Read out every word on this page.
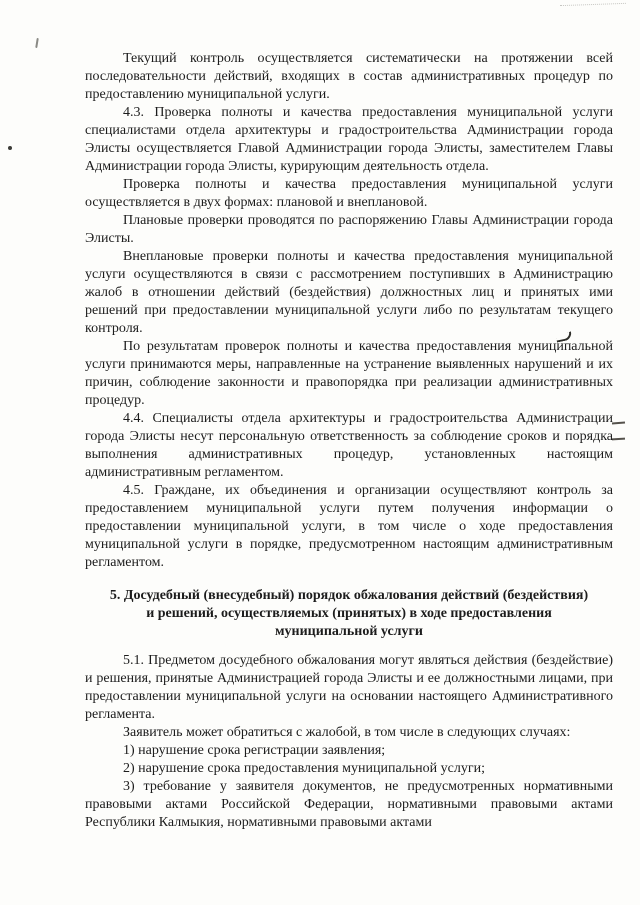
Текущий контроль осуществляется систематически на протяжении всей последовательности действий, входящих в состав административных процедур по предоставлению муниципальной услуги.

4.3. Проверка полноты и качества предоставления муниципальной услуги специалистами отдела архитектуры и градостроительства Администрации города Элисты осуществляется Главой Администрации города Элисты, заместителем Главы Администрации города Элисты, курирующим деятельность отдела.

Проверка полноты и качества предоставления муниципальной услуги осуществляется в двух формах: плановой и внеплановой.

Плановые проверки проводятся по распоряжению Главы Администрации города Элисты.

Внеплановые проверки полноты и качества предоставления муниципальной услуги осуществляются в связи с рассмотрением поступивших в Администрацию жалоб в отношении действий (бездействия) должностных лиц и принятых ими решений при предоставлении муниципальной услуги либо по результатам текущего контроля.

По результатам проверок полноты и качества предоставления муниципальной услуги принимаются меры, направленные на устранение выявленных нарушений и их причин, соблюдение законности и правопорядка при реализации административных процедур.

4.4. Специалисты отдела архитектуры и градостроительства Администрации города Элисты несут персональную ответственность за соблюдение сроков и порядка выполнения административных процедур, установленных настоящим административным регламентом.

4.5. Граждане, их объединения и организации осуществляют контроль за предоставлением муниципальной услуги путем получения информации о предоставлении муниципальной услуги, в том числе о ходе предоставления муниципальной услуги в порядке, предусмотренном настоящим административным регламентом.

5. Досудебный (внесудебный) порядок обжалования действий (бездействия)
и решений, осуществляемых (принятых) в ходе предоставления
муниципальной услуги

5.1. Предметом досудебного обжалования могут являться действия (бездействие) и решения, принятые Администрацией города Элисты и ее должностными лицами, при предоставлении муниципальной услуги на основании настоящего Административного регламента.

Заявитель может обратиться с жалобой, в том числе в следующих случаях:

1) нарушение срока регистрации заявления;

2) нарушение срока предоставления муниципальной услуги;

3) требование у заявителя документов, не предусмотренных нормативными правовыми актами Российской Федерации, нормативными правовыми актами Республики Калмыкия, нормативными правовыми актами
